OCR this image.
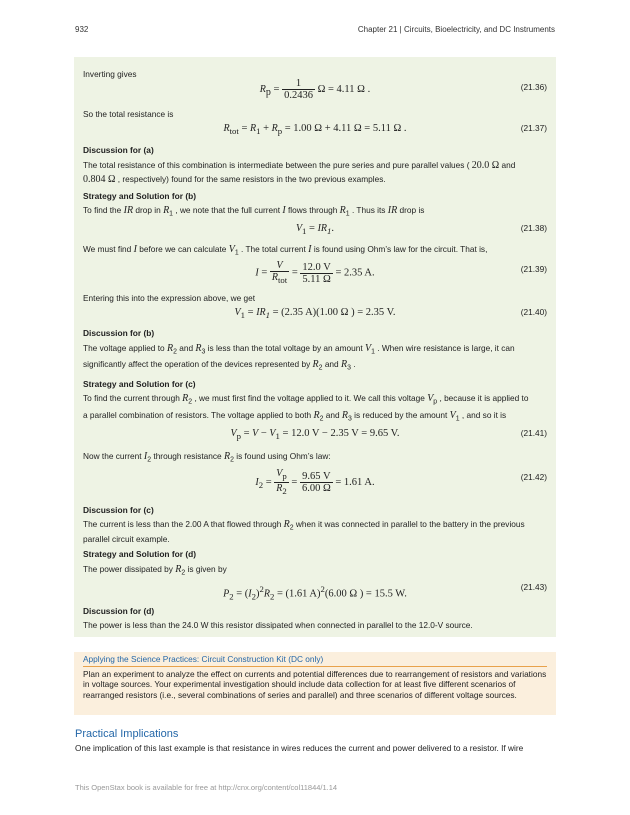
932	Chapter 21 | Circuits, Bioelectricity, and DC Instruments
Inverting gives
$R_p = \frac{1}{0.2436}$ Ω = 4.11 Ω .	(21.36)
So the total resistance is
$R_{tot} = R_1 + R_p = 1.00$ Ω + 4.11 Ω = 5.11 Ω .	(21.37)
Discussion for (a)
The total resistance of this combination is intermediate between the pure series and pure parallel values ( 20.0 Ω and
0.804 Ω , respectively) found for the same resistors in the two previous examples.
Strategy and Solution for (b)
To find the IR drop in $R_1$ , we note that the full current I flows through $R_1$ . Thus its IR drop is
$V_1 = IR_1$.	(21.38)
We must find I before we can calculate $V_1$ . The total current I is found using Ohm’s law for the circuit. That is,
$I = \frac{V}{R_{tot}} = \frac{12.0 V}{5.11 \Omega} = 2.35$ A.	(21.39)
Entering this into the expression above, we get
$V_1 = IR_1 = (2.35$ A)(1.00 Ω ) = 2.35 V.	(21.40)
Discussion for (b)
The voltage applied to $R_2$ and $R_3$ is less than the total voltage by an amount $V_1$ . When wire resistance is large, it can
significantly affect the operation of the devices represented by $R_2$ and $R_3$ .
Strategy and Solution for (c)
To find the current through $R_2$ , we must first find the voltage applied to it. We call this voltage $V_p$ , because it is applied to
a parallel combination of resistors. The voltage applied to both $R_2$ and $R_3$ is reduced by the amount $V_1$ , and so it is
$V_p = V - V_1 = 12.0$ V − 2.35 V = 9.65 V.	(21.41)
Now the current $I_2$ through resistance $R_2$ is found using Ohm’s law:
$I_2 = \frac{V_p}{R_2} = \frac{9.65 V}{6.00 \Omega} = 1.61$ A.	(21.42)
Discussion for (c)
The current is less than the 2.00 A that flowed through $R_2$ when it was connected in parallel to the battery in the previous
parallel circuit example.
Strategy and Solution for (d)
The power dissipated by $R_2$ is given by
$P_2 = (I_2)^2R_2 = (1.61$ A)$^2$(6.00 Ω ) = 15.5 W.
(21.43)
Discussion for (d)
The power is less than the 24.0 W this resistor dissipated when connected in parallel to the 12.0-V source.
Applying the Science Practices: Circuit Construction Kit (DC only)
Plan an experiment to analyze the effect on currents and potential differences due to rearrangement of resistors and variations in voltage sources. Your experimental investigation should include data collection for at least five different scenarios of rearranged resistors (i.e., several combinations of series and parallel) and three scenarios of different voltage sources.
Practical Implications
One implication of this last example is that resistance in wires reduces the current and power delivered to a resistor. If wire
This OpenStax book is available for free at http://cnx.org/content/col11844/1.14
